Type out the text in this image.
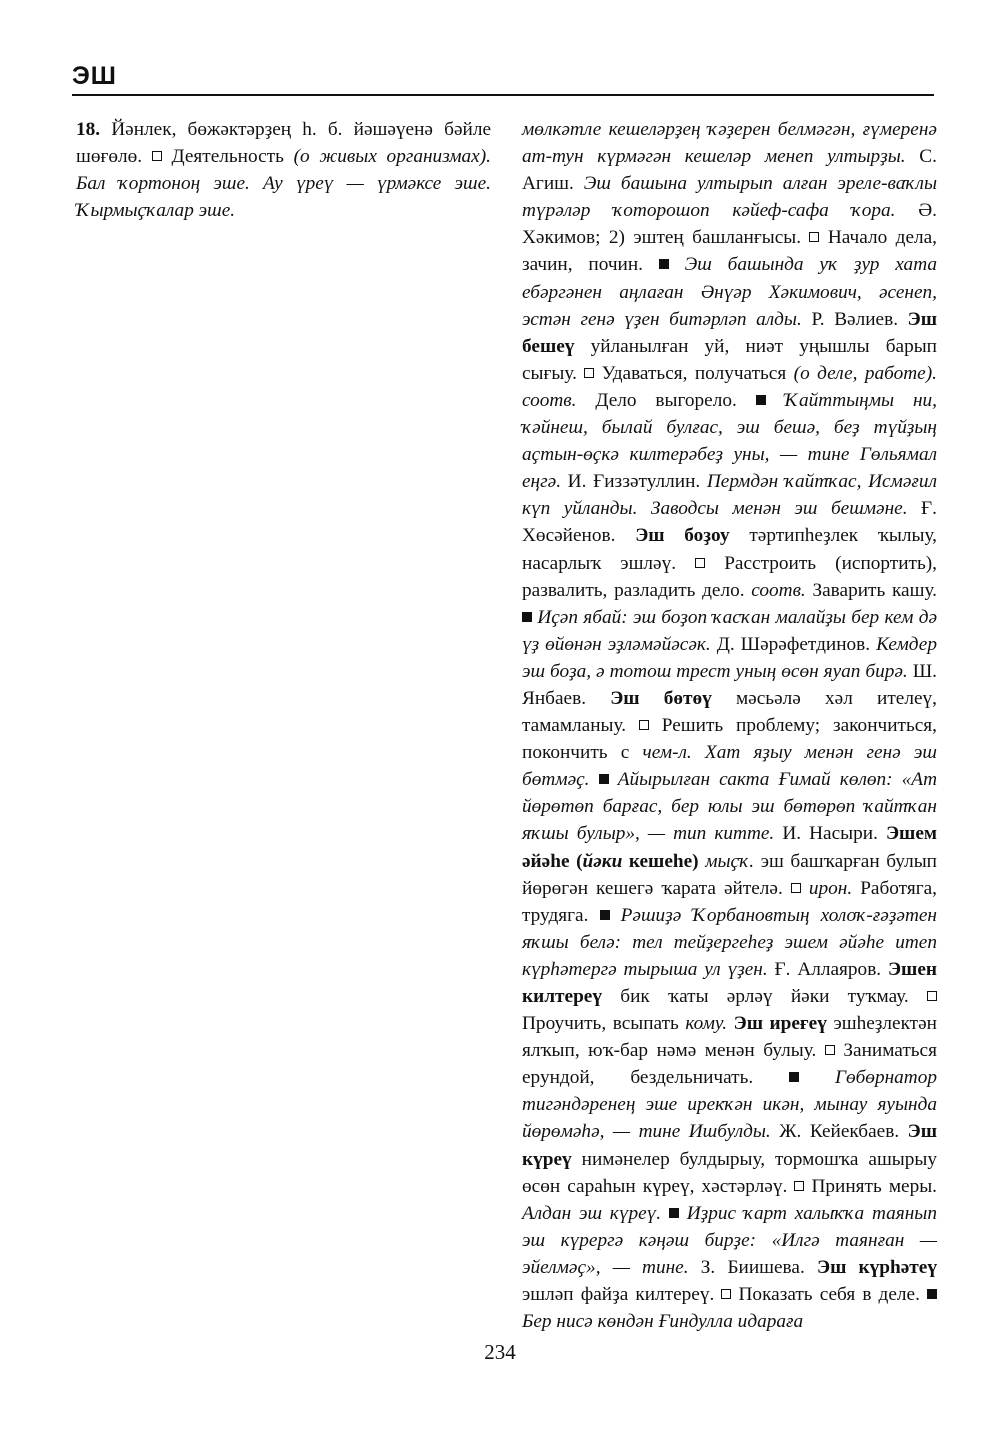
ЭШ

18. Йәнлек, бөжәктәрҙең һ. б. йәшәүенә бәйле шөғөлө.  Деятельность (о живых организмах). Бал ҡортоноң эше. Ау үреү — үрмәксе эше. Ҡырмыҫҡалар эше.

мөлкәтле кешеләрҙең ҡәҙерен белмәгән, ғүмеренә ат-тун күрмәгән кешеләр менеп ултырҙы. С. Агиш. Эш башына ултырып алған эреле-ваҡлы түрәләр ҡоторошоп кәйеф-сафа ҡора. Ә. Хәкимов; 2) эштең башланғысы.  Начало дела, зачин, почин.  Эш башында уҡ ҙур хата ебәргәнен аңлаған Әнүәр Хәкимович, әсенеп, эстән генә үҙен битәрләп алды. Р. Вәлиев. Эш бешеү уйланылған уй, ниәт уңышлы барып сығыу.  Удаваться, получаться (о деле, работе). соотв. Дело выгорело.  Ҡайттыңмы ни, ҡәйнеш, былай булғас, эш бешә, беҙ түйҙың аҫтын-өҫкә килтерәбеҙ уны, — тине Гөльямал еңгә. И. Ғиззәтуллин. Пермдән ҡайтҡас, Исмәғил күп уйланды. Заводсы менән эш бешмәне. Ғ. Хөсәйенов. Эш боҙоу тәртипһеҙлек ҡылыу, насарлыҡ эшләү.  Расстроить (испортить), развалить, разладить дело. соотв. Заварить кашу.  Иҫәп ябай: эш боҙоп ҡасҡан малайҙы бер кем дә үҙ өйөнән эҙләмәйәсәк. Д. Шәрәфетдинов. Кемдер эш боҙа, ә тотош трест уның өсөн яуап бирә. Ш. Янбаев. Эш бөтөү мәсьәлә хәл ителеү, тамамланыу.  Решить проблему; закончиться, покончить с чем-л. Хат яҙыу менән генә эш бөтмәҫ. Айырылған сакта Ғимай көлөп: «Ат йөрөтөп барғас, бер юлы эш бөтөрөп ҡайтҡан яҡшы булыр», — тип китте. И. Насыри. Эшем әйәһе (йәки кешеһе) мыҫҡ. эш башҡарған булып йөрөгән кешегә ҡарата әйтелә.  ирон. Работяга, трудяга.  Рәшиҙә Ҡорбановтың холоҡ-ғәҙәтен яҡшы белә: тел тейҙергеһеҙ эшем әйәһе итеп күрһәтергә тырыша ул үҙен. Ғ. Аллаяров. Эшен килтереү бик ҡаты әрләү йәки туҡмау.  Проучить, всыпать кому. Эш иреғеү эшһеҙлектән ялҡып, юҡ-бар нәмә менән булыу.  Заниматься ерундой, бездельничать.  Гөбөрнатор тигәндәренең эше ирекҡән икән, мынау яуында йөрөмәһә, — тине Ишбулды. Ж. Кейекбаев. Эш күреү нимәнелер булдырыу, тормошҡа ашырыу өсөн сараһын күреү, хәстәрләү.  Принять меры. Алдан эш күреү. Иҙрис ҡарт халыҡҡа таянып эш күрергә кәңәш бирҙе: «Илгә таянған — эйелмәҫ», — тине. З. Биишева. Эш күрһәтеү эшләп файҙа килтереү.  Показать себя в деле.  Бер нисә көндән Ғиндулла идараға

234
